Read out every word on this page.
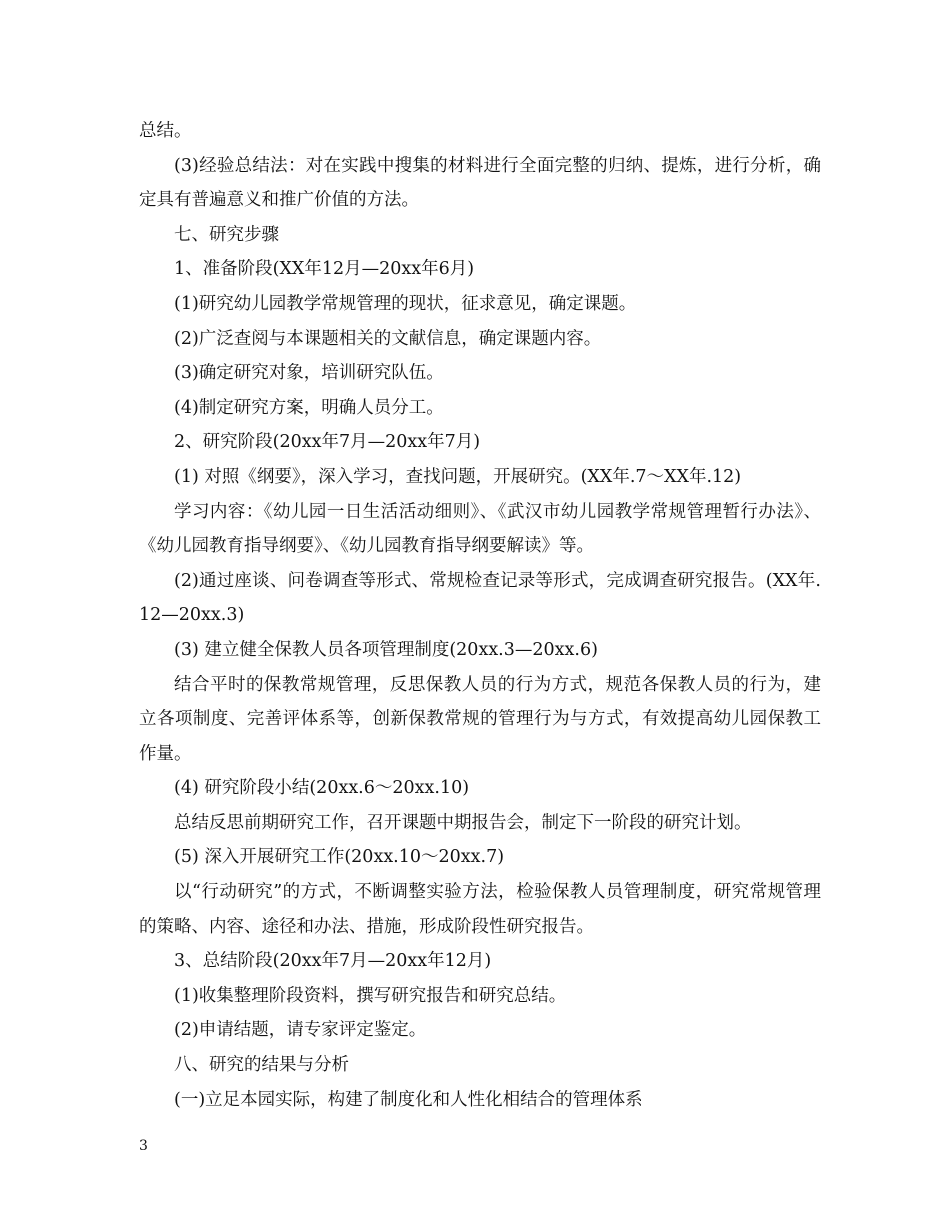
总结。

(3)经验总结法：对在实践中搜集的材料进行全面完整的归纳、提炼，进行分析，确定具有普遍意义和推广价值的方法。

七、研究步骤

1、准备阶段(XX年12月—20xx年6月)

(1)研究幼儿园教学常规管理的现状，征求意见，确定课题。

(2)广泛查阅与本课题相关的文献信息，确定课题内容。

(3)确定研究对象，培训研究队伍。

(4)制定研究方案，明确人员分工。

2、研究阶段(20xx年7月—20xx年7月)

(1) 对照《纲要》，深入学习，查找问题，开展研究。(XX年.7～XX年.12)

学习内容：《幼儿园一日生活活动细则》、《武汉市幼儿园教学常规管理暂行办法》、《幼儿园教育指导纲要》、《幼儿园教育指导纲要解读》等。

(2)通过座谈、问卷调查等形式、常规检查记录等形式，完成调查研究报告。(XX年.12—20xx.3)

(3) 建立健全保教人员各项管理制度(20xx.3—20xx.6)

结合平时的保教常规管理，反思保教人员的行为方式，规范各保教人员的行为，建立各项制度、完善评体系等，创新保教常规的管理行为与方式，有效提高幼儿园保教工作量。

(4) 研究阶段小结(20xx.6～20xx.10)

总结反思前期研究工作，召开课题中期报告会，制定下一阶段的研究计划。

(5) 深入开展研究工作(20xx.10～20xx.7)

以“行动研究”的方式，不断调整实验方法，检验保教人员管理制度，研究常规管理的策略、内容、途径和办法、措施，形成阶段性研究报告。

3、总结阶段(20xx年7月—20xx年12月)

(1)收集整理阶段资料，撰写研究报告和研究总结。

(2)申请结题，请专家评定鉴定。

八、研究的结果与分析

(一)立足本园实际，构建了制度化和人性化相结合的管理体系

3
